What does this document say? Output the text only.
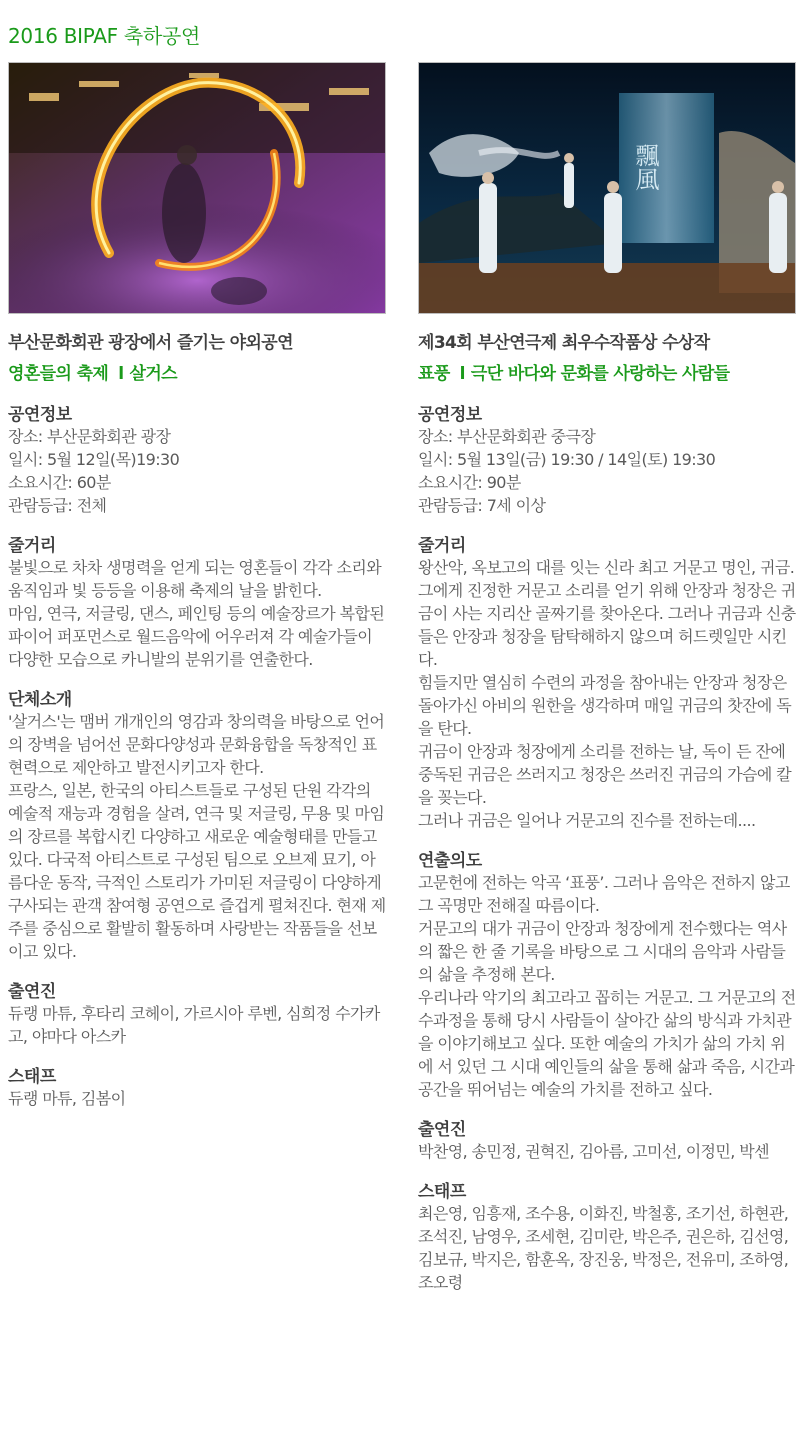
2016 BIPAF 축하공연
부산문화회관 광장에서 즐기는 야외공연
영혼들의 축제 l 살거스
공연정보
장소: 부산문화회관 광장
일시: 5월 12일(목)19:30
소요시간: 60분
관람등급: 전체
줄거리

불빛으로 차차 생명력을 얻게 되는 영혼들이 각각 소리와 움직임과 빛 등등을 이용해 축제의 날을 밝힌다.

마임, 연극, 저글링, 댄스, 페인팅 등의 예술장르가 복합된 파이어 퍼포먼스로 월드음악에 어우러져 각 예술가들이 다양한 모습으로 카니발의 분위기를 연출한다.

단체소개

'살거스'는 맴버 개개인의 영감과 창의력을 바탕으로 언어의 장벽을 넘어선 문화다양성과 문화융합을 독창적인 표현력으로 제안하고 발전시키고자 한다.

프랑스, 일본, 한국의 아티스트들로 구성된 단원 각각의 예술적 재능과 경험을 살려, 연극 및 저글링, 무용 및 마임의 장르를 복합시킨 다양하고 새로운 예술형태를 만들고 있다. 다국적 아티스트로 구성된 팀으로 오브제 묘기, 아름다운 동작, 극적인 스토리가 가미된 저글링이 다양하게 구사되는 관객 참여형 공연으로 즐겁게 펼쳐진다. 현재 제주를 중심으로 활발히 활동하며 사랑받는 작품들을 선보이고 있다.

출연진
듀랭 마튜, 후타리 코헤이, 가르시아 루벤, 심희정 수가카 고, 야마다 아스카
스태프
듀랭 마튜, 김봄이
飄風
제34회 부산연극제 최우수작품상 수상작
표풍 l 극단 바다와 문화를 사랑하는 사람들
공연정보
장소: 부산문화회관 중극장
일시: 5월 13일(금) 19:30 / 14일(토) 19:30
소요시간: 90분
관람등급: 7세 이상
줄거리

왕산악, 옥보고의 대를 잇는 신라 최고 거문고 명인, 귀금.

그에게 진정한 거문고 소리를 얻기 위해 안장과 청장은 귀금이 사는 지리산 골짜기를 찾아온다. 그러나 귀금과 신충들은 안장과 청장을 탐탁해하지 않으며 허드렛일만 시킨다.

힘들지만 열심히 수련의 과정을 참아내는 안장과 청장은 돌아가신 아비의 원한을 생각하며 매일 귀금의 찻잔에 독을 탄다.

귀금이 안장과 청장에게 소리를 전하는 날, 독이 든 잔에 중독된 귀금은 쓰러지고 청장은 쓰러진 귀금의 가슴에 칼을 꽂는다.

그러나 귀금은 일어나 거문고의 진수를 전하는데....

연출의도

고문헌에 전하는 악곡 ‘표풍’. 그러나 음악은 전하지 않고 그 곡명만 전해질 따름이다.

거문고의 대가 귀금이 안장과 청장에게 전수했다는 역사의 짧은 한 줄 기록을 바탕으로 그 시대의 음악과 사람들의 삶을 추정해 본다.

우리나라 악기의 최고라고 꼽히는 거문고. 그 거문고의 전수과정을 통해 당시 사람들이 살아간 삶의 방식과 가치관을 이야기해보고 싶다. 또한 예술의 가치가 삶의 가치 위에 서 있던 그 시대 예인들의 삶을 통해 삶과 죽음, 시간과 공간을 뛰어넘는 예술의 가치를 전하고 싶다.

출연진
박찬영, 송민정, 권혁진, 김아름, 고미선, 이정민, 박센
스태프
최은영, 임흥재, 조수용, 이화진, 박철홍, 조기선, 하현관, 조석진, 남영우, 조세현, 김미란, 박은주, 권은하, 김선영, 김보규, 박지은, 함훈옥, 장진웅, 박정은, 전유미, 조하영, 조오령
